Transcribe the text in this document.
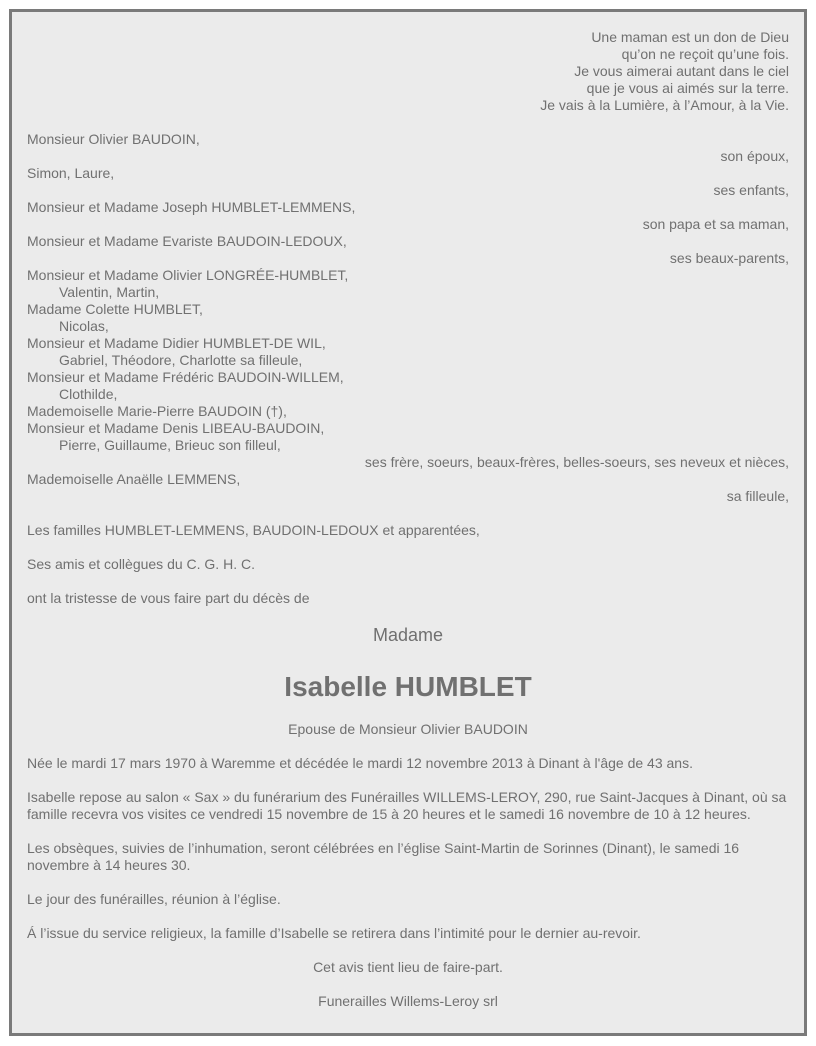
Une maman est un don de Dieu
qu’on ne reçoit qu’une fois.
Je vous aimerai autant dans le ciel
que je vous ai aimés sur la terre.
Je vais à la Lumière, à l’Amour, à la Vie.
Monsieur Olivier BAUDOIN,
son époux,
Simon, Laure,
ses enfants,
Monsieur et Madame Joseph HUMBLET-LEMMENS,
son papa et sa maman,
Monsieur et Madame Evariste BAUDOIN-LEDOUX,
ses beaux-parents,
Monsieur et Madame Olivier LONGRÉE-HUMBLET,
Valentin, Martin,
Madame Colette HUMBLET,
Nicolas,
Monsieur et Madame Didier HUMBLET-DE WIL,
Gabriel, Théodore, Charlotte sa filleule,
Monsieur et Madame Frédéric BAUDOIN-WILLEM,
Clothilde,
Mademoiselle Marie-Pierre BAUDOIN (†),
Monsieur et Madame Denis LIBEAU-BAUDOIN,
Pierre, Guillaume, Brieuc son filleul,
ses frère, soeurs, beaux-frères, belles-soeurs, ses neveux et nièces,
Mademoiselle Anaëlle LEMMENS,
sa filleule,
Les familles HUMBLET-LEMMENS, BAUDOIN-LEDOUX et apparentées,
Ses amis et collègues du C. G. H. C.
ont la tristesse de vous faire part du décès de
Madame
Isabelle HUMBLET
Epouse de Monsieur Olivier BAUDOIN
Née le mardi 17 mars 1970 à Waremme et décédée le mardi 12 novembre 2013 à Dinant à l'âge de 43 ans.
Isabelle repose au salon « Sax » du funérarium des Funérailles WILLEMS-LEROY, 290, rue Saint-Jacques à Dinant, où sa famille recevra vos visites ce vendredi 15 novembre de 15 à 20 heures et le samedi 16 novembre de 10 à 12 heures.
Les obsèques, suivies de l’inhumation, seront célébrées en l’église Saint-Martin de Sorinnes (Dinant), le samedi 16 novembre à 14 heures 30.
Le jour des funérailles, réunion à l’église.
Á l’issue du service religieux, la famille d’Isabelle se retirera dans l’intimité pour le dernier au-revoir.
Cet avis tient lieu de faire-part.
Funerailles Willems-Leroy srl
